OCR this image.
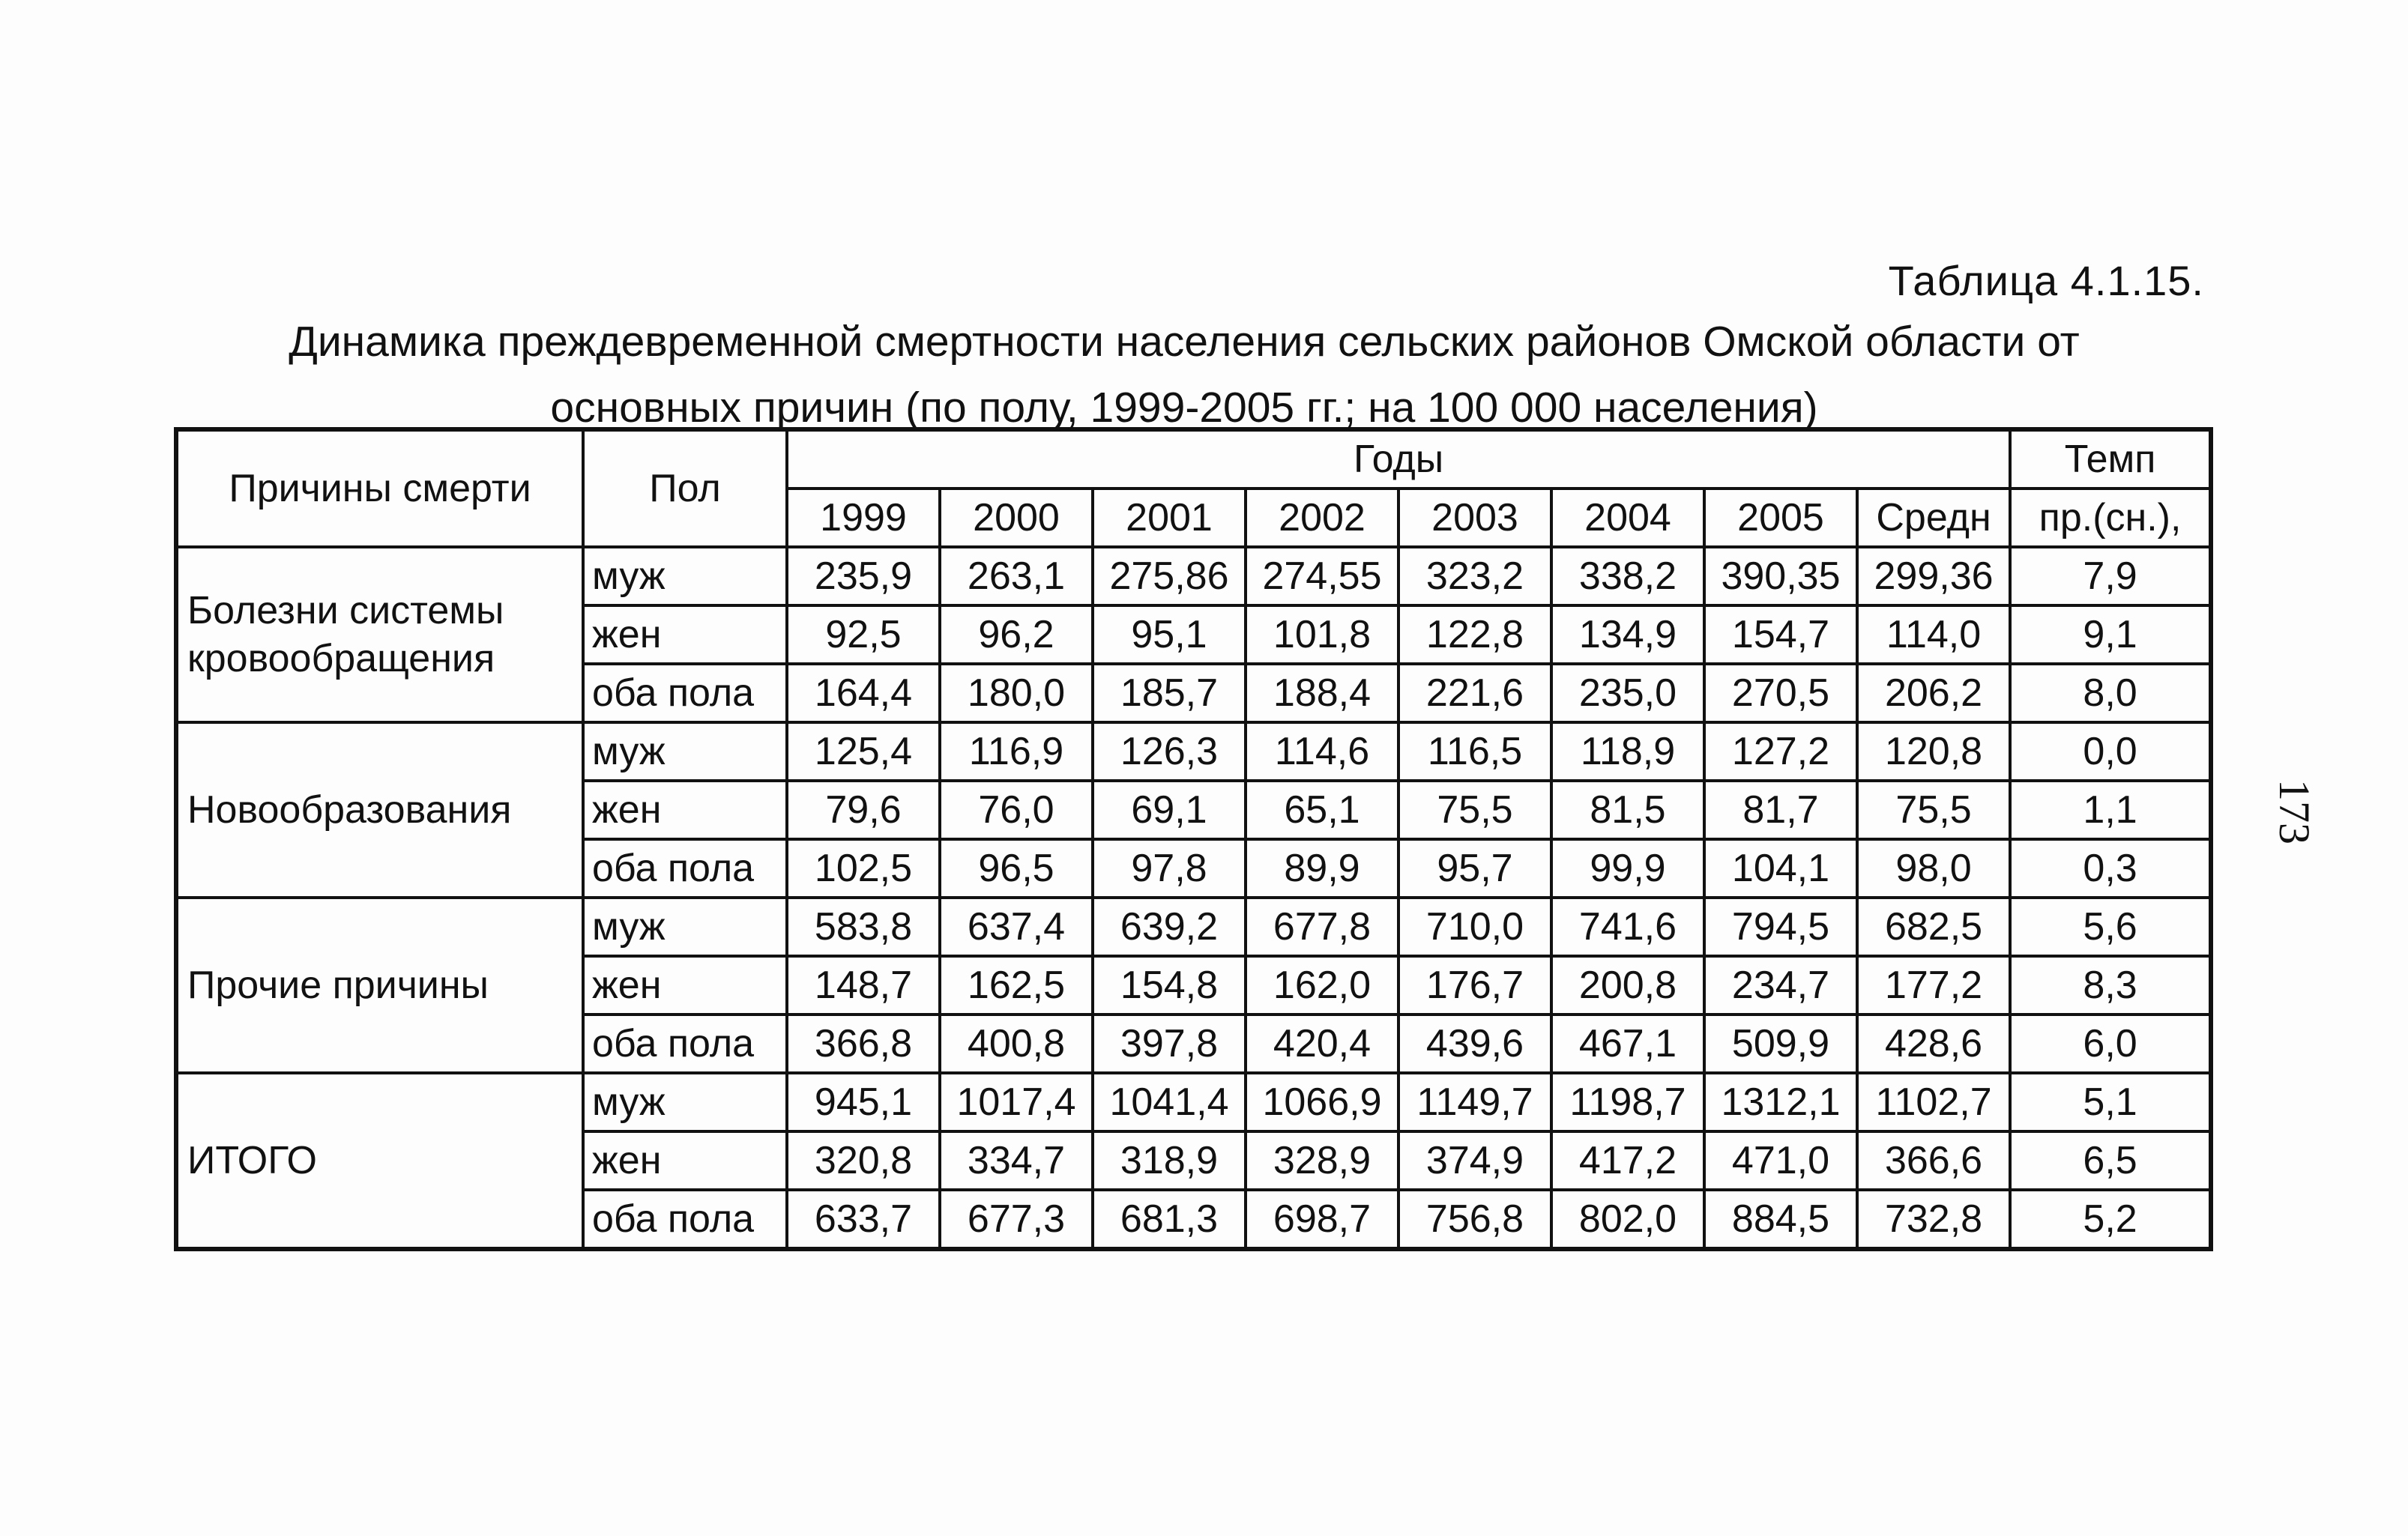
Таблица 4.1.15.
Динамика преждевременной смертности населения сельских районов Омской области от
основных причин (по полу, 1999-2005 гг.; на 100 000 населения)
Причины смерти	Пол	Годы								Темп
		1999	2000	2001	2002	2003	2004	2005	Средн	пр.(сн.),
Болезни системы кровообращения	муж	235,9	263,1	275,86	274,55	323,2	338,2	390,35	299,36	7,9
	жен	92,5	96,2	95,1	101,8	122,8	134,9	154,7	114,0	9,1
	оба пола	164,4	180,0	185,7	188,4	221,6	235,0	270,5	206,2	8,0
Новообразования	муж	125,4	116,9	126,3	114,6	116,5	118,9	127,2	120,8	0,0
	жен	79,6	76,0	69,1	65,1	75,5	81,5	81,7	75,5	1,1
	оба пола	102,5	96,5	97,8	89,9	95,7	99,9	104,1	98,0	0,3
Прочие причины	муж	583,8	637,4	639,2	677,8	710,0	741,6	794,5	682,5	5,6
	жен	148,7	162,5	154,8	162,0	176,7	200,8	234,7	177,2	8,3
	оба пола	366,8	400,8	397,8	420,4	439,6	467,1	509,9	428,6	6,0
ИТОГО	муж	945,1	1017,4	1041,4	1066,9	1149,7	1198,7	1312,1	1102,7	5,1
	жен	320,8	334,7	318,9	328,9	374,9	417,2	471,0	366,6	6,5
	оба пола	633,7	677,3	681,3	698,7	756,8	802,0	884,5	732,8	5,2
173
